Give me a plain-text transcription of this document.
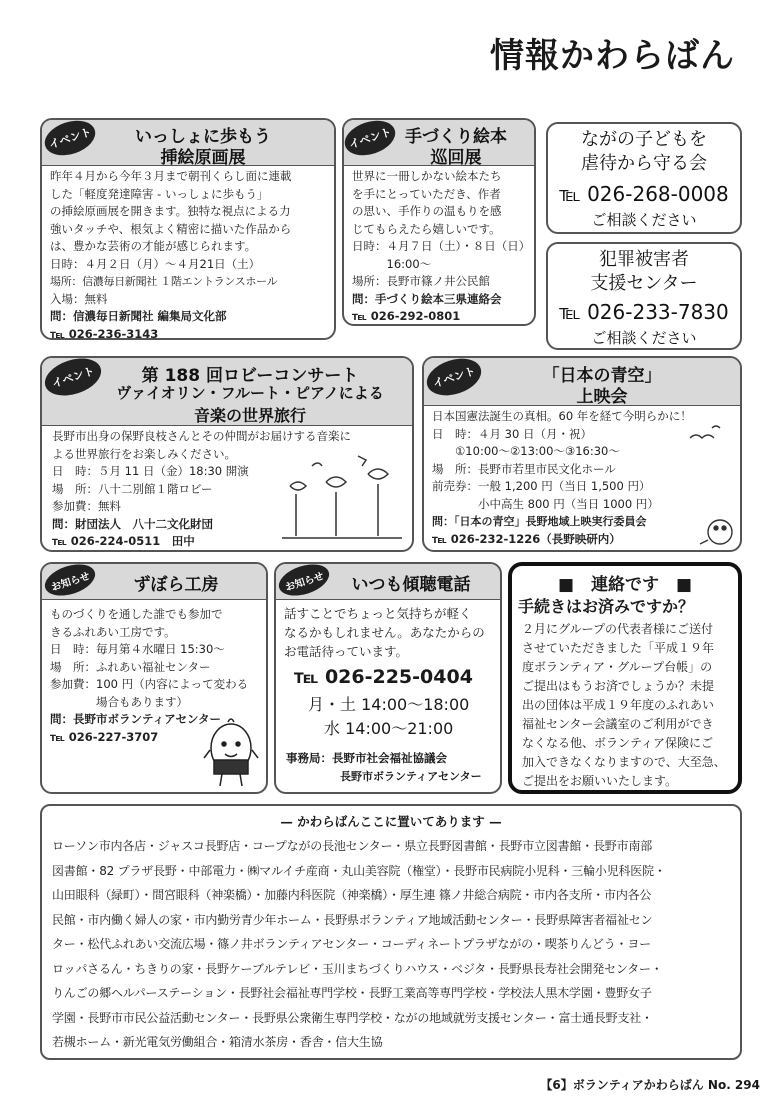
情報かわらばん
いっしょに歩もう
挿絵原画展

昨年４月から今年３月まで朝刊くらし面に連載

した「軽度発達障害 - いっしょに歩もう」

の挿絵原画展を開きます。独特な視点による力

強いタッチや、根気よく精密に描いた作品から

は、豊かな芸術の才能が感じられます。

日時：４月２日（月）〜４月21日（土）

場所：信濃毎日新聞社 １階エントランスホール

入場：無料

問：信濃毎日新聞社 編集局文化部

℡ 026-236-3143

イベント	手づくり絵本
巡回展

世界に一冊しかない絵本たち

を手にとっていただき、作者

の思い、手作りの温もりを感

じてもらえたら嬉しいです。

日時：４月７日（土）・８日（日）

　　　16:00〜

場所：長野市篠ノ井公民館

問：手づくり絵本三県連絡会

℡ 026-292-0801

イベント	ながの子どもを
虐待から守る会
℡ 026-268-0008
ご相談ください
犯罪被害者
支援センター
℡ 026-233-7830
ご相談ください
第 188 回ロビーコンサート
ヴァイオリン・フルート・ピアノによる
音楽の世界旅行

長野市出身の保野良枝さんとその仲間がお届けする音楽に

よる世界旅行をお楽しみください。

日　時：５月 11 日（金）18:30 開演

場　所：八十二別館１階ロビー

参加費：無料

問：財団法人　八十二文化財団

℡ 026-224-0511　田中

イベント	「日本の青空」
上映会

日本国憲法誕生の真相。60 年を経て今明らかに！

日　時：４月 30 日（月・祝）

　　①10:00〜②13:00〜③16:30〜

場　所：長野市若里市民文化ホール

前売券：一般 1,200 円（当日 1,500 円）

　　　　小中高生 800 円（当日 1000 円）

問：「日本の青空」長野地域上映実行委員会

℡ 026-232-1226（長野映研内）

イベント
ずぼら工房

ものづくりを通した誰でも参加で

きるふれあい工房です。

日　時：毎月第４水曜日 15:30〜

場　所：ふれあい福祉センター

参加費：100 円（内容によって変わる

　　　　場合もあります）

問：長野市ボランティアセンター

℡ 026-227-3707

お知らせ	いつも傾聴電話

話すことでちょっと気持ちが軽く

なるかもしれません。あなたからの

お電話待っています。

℡ 026-225-0404
月・土 14:00〜18:00
水 14:00〜21:00
事務局：長野市社会福祉協議会
長野市ボランティアセンター
お知らせ	■　連絡です　■
手続きはお済みですか？

２月にグループの代表者様にご送付

させていただきました「平成１９年

度ボランティア・グループ台帳」の

ご提出はもうお済でしょうか？未提

出の団体は平成１９年度のふれあい

福祉センター会議室のご利用ができ

なくなる他、ボランティア保険にご

加入できなくなりますので、大至急、

ご提出をお願いいたします。

— かわらばんここに置いてあります —

ローソン市内各店・ジャスコ長野店・コープながの長池センター・県立長野図書館・長野市立図書館・長野市南部

図書館・82 プラザ長野・中部電力・㈱マルイチ産商・丸山美容院（権堂）・長野市民病院小児科・三輪小児科医院・

山田眼科（緑町）・間宮眼科（神楽橋）・加藤内科医院（神楽橋）・厚生連 篠ノ井総合病院・市内各支所・市内各公

民館・市内働く婦人の家・市内勤労青少年ホーム・長野県ボランティア地域活動センター・長野県障害者福祉セン

ター・松代ふれあい交流広場・篠ノ井ボランティアセンター・コーディネートプラザながの・喫茶りんどう・ヨー

ロッパさるん・ちきりの家・長野ケーブルテレビ・玉川まちづくりハウス・ベジタ・長野県長寿社会開発センター・

りんごの郷ヘルパーステーション・長野社会福祉専門学校・長野工業高等専門学校・学校法人黒木学園・豊野女子

学園・長野市市民公益活動センター・長野県公衆衛生専門学校・ながの地域就労支援センター・富士通長野支社・

若槻ホーム・新光電気労働組合・箱清水茶房・香舎・信大生協

【6】ボランティアかわらばん No. 294
